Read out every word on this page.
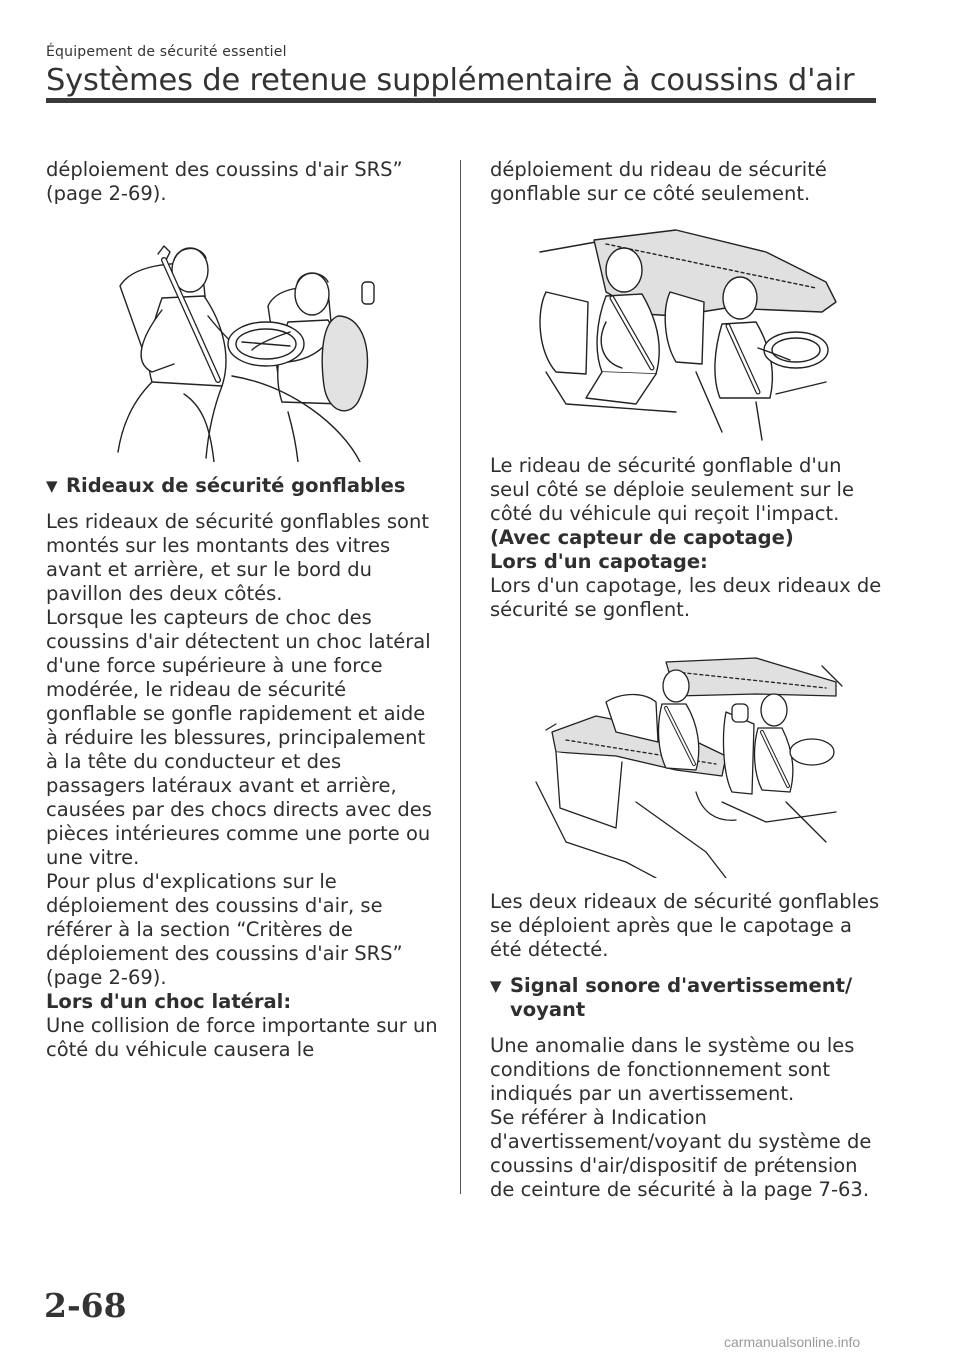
Équipement de sécurité essentiel
Systèmes de retenue supplémentaire à coussins d'air
déploiement des coussins d'air SRS” (page 2-69).
▼ Rideaux de sécurité gonflables
Les rideaux de sécurité gonflables sont montés sur les montants des vitres avant et arrière, et sur le bord du pavillon des deux côtés.
Lorsque les capteurs de choc des coussins d'air détectent un choc latéral d'une force supérieure à une force modérée, le rideau de sécurité gonflable se gonfle rapidement et aide à réduire les blessures, principalement à la tête du conducteur et des passagers latéraux avant et arrière, causées par des chocs directs avec des pièces intérieures comme une porte ou une vitre.
Pour plus d'explications sur le déploiement des coussins d'air, se référer à la section “Critères de déploiement des coussins d'air SRS” (page 2-69).
Lors d'un choc latéral:
Une collision de force importante sur un côté du véhicule causera le
déploiement du rideau de sécurité gonflable sur ce côté seulement.
Le rideau de sécurité gonflable d'un seul côté se déploie seulement sur le côté du véhicule qui reçoit l'impact.
(Avec capteur de capotage)
Lors d'un capotage:
Lors d'un capotage, les deux rideaux de sécurité se gonflent.
Les deux rideaux de sécurité gonflables se déploient après que le capotage a été détecté.
▼ Signal sonore d'avertissement/ voyant
Une anomalie dans le système ou les conditions de fonctionnement sont indiqués par un avertissement.
Se référer à Indication d'avertissement/voyant du système de coussins d'air/dispositif de prétension de ceinture de sécurité à la page 7-63.
2-68
carmanualsonline.info
